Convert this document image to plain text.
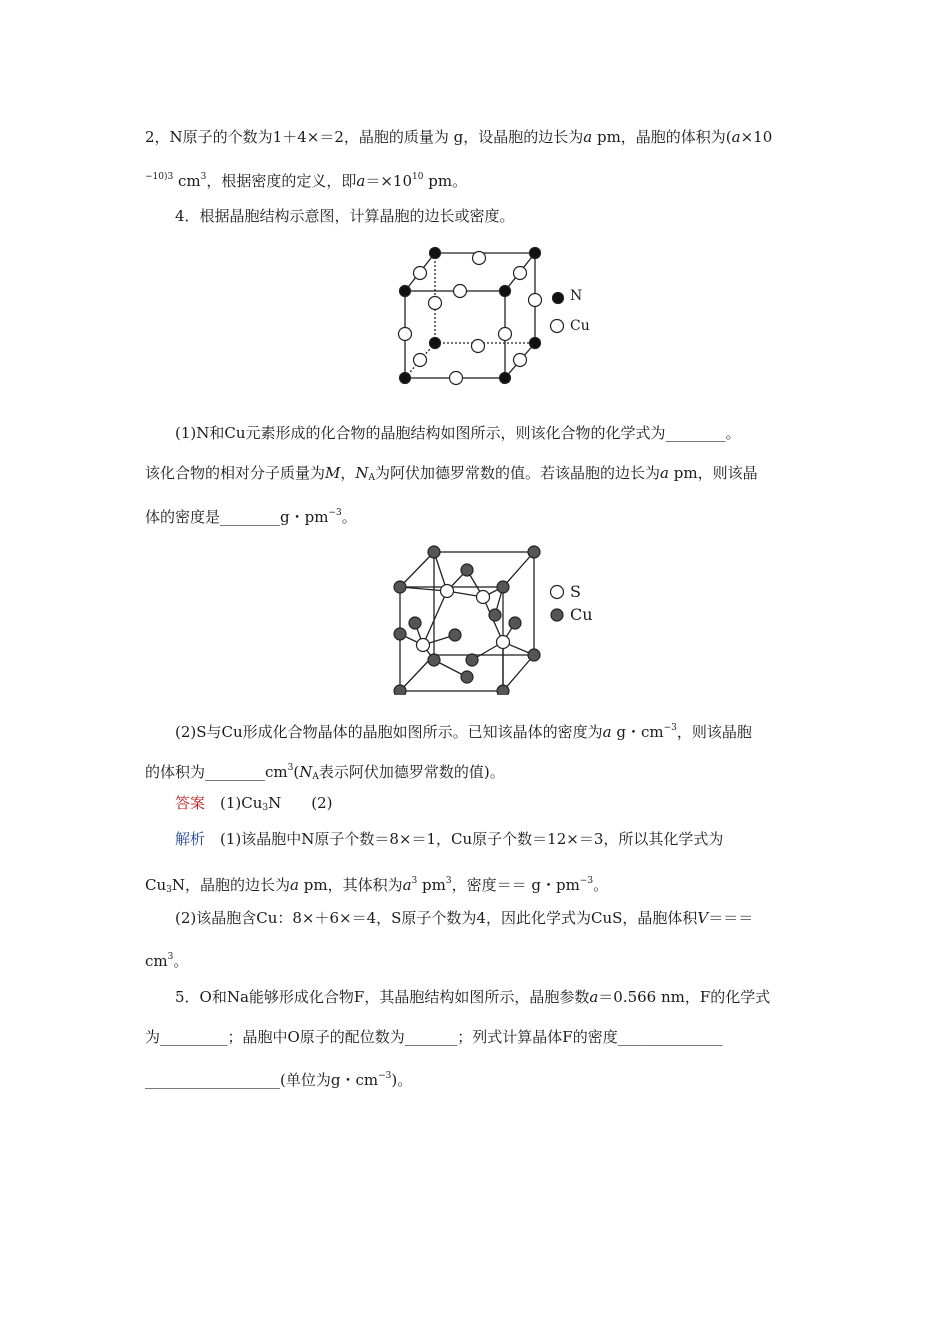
2，N原子的个数为1＋4×＝2，晶胞的质量为 g，设晶胞的边长为a pm，晶胞的体积为(a×10
$^{-10)3}$ $cm^3$，根据密度的定义，即$a=\times 10^{10}$ pm。
4．根据晶胞结构示意图，计算晶胞的边长或密度。
N
Cu
(1)N和Cu元素形成的化合物的晶胞结构如图所示，则该化合物的化学式为________。
该化合物的相对分子质量为M，$N_A$为阿伏加德罗常数的值。若该晶胞的边长为a pm，则该晶
体的密度是________g・$pm^{-3}$。
S
Cu
(2)S与Cu形成化合物晶体的晶胞如图所示。已知该晶体的密度为a g・$cm^{-3}$，则该晶胞
的体积为$\_\_\_\_\_\_\_\_cm^3(N_A$表示阿伏加德罗常数的值)。
答案　$(1)Cu_3N$　　(2)
解析　(1)该晶胞中N原子个数＝8×＝1，Cu原子个数＝12×＝3，所以其化学式为
$Cu_3N$，晶胞的边长为a pm，其体积为$a^3$ $pm^3$，密度＝＝ g・$pm^{-3}$。
(2)该晶胞含Cu：8×＋6×＝4，S原子个数为4，因此化学式为CuS，晶胞体积V＝＝＝
$cm^3$。
5．O和Na能够形成化合物F，其晶胞结构如图所示，晶胞参数a＝0.566 nm，F的化学式
为_________；晶胞中O原子的配位数为_______；列式计算晶体F的密度______________
__________________(单位为g・$cm^{-3}$)。
